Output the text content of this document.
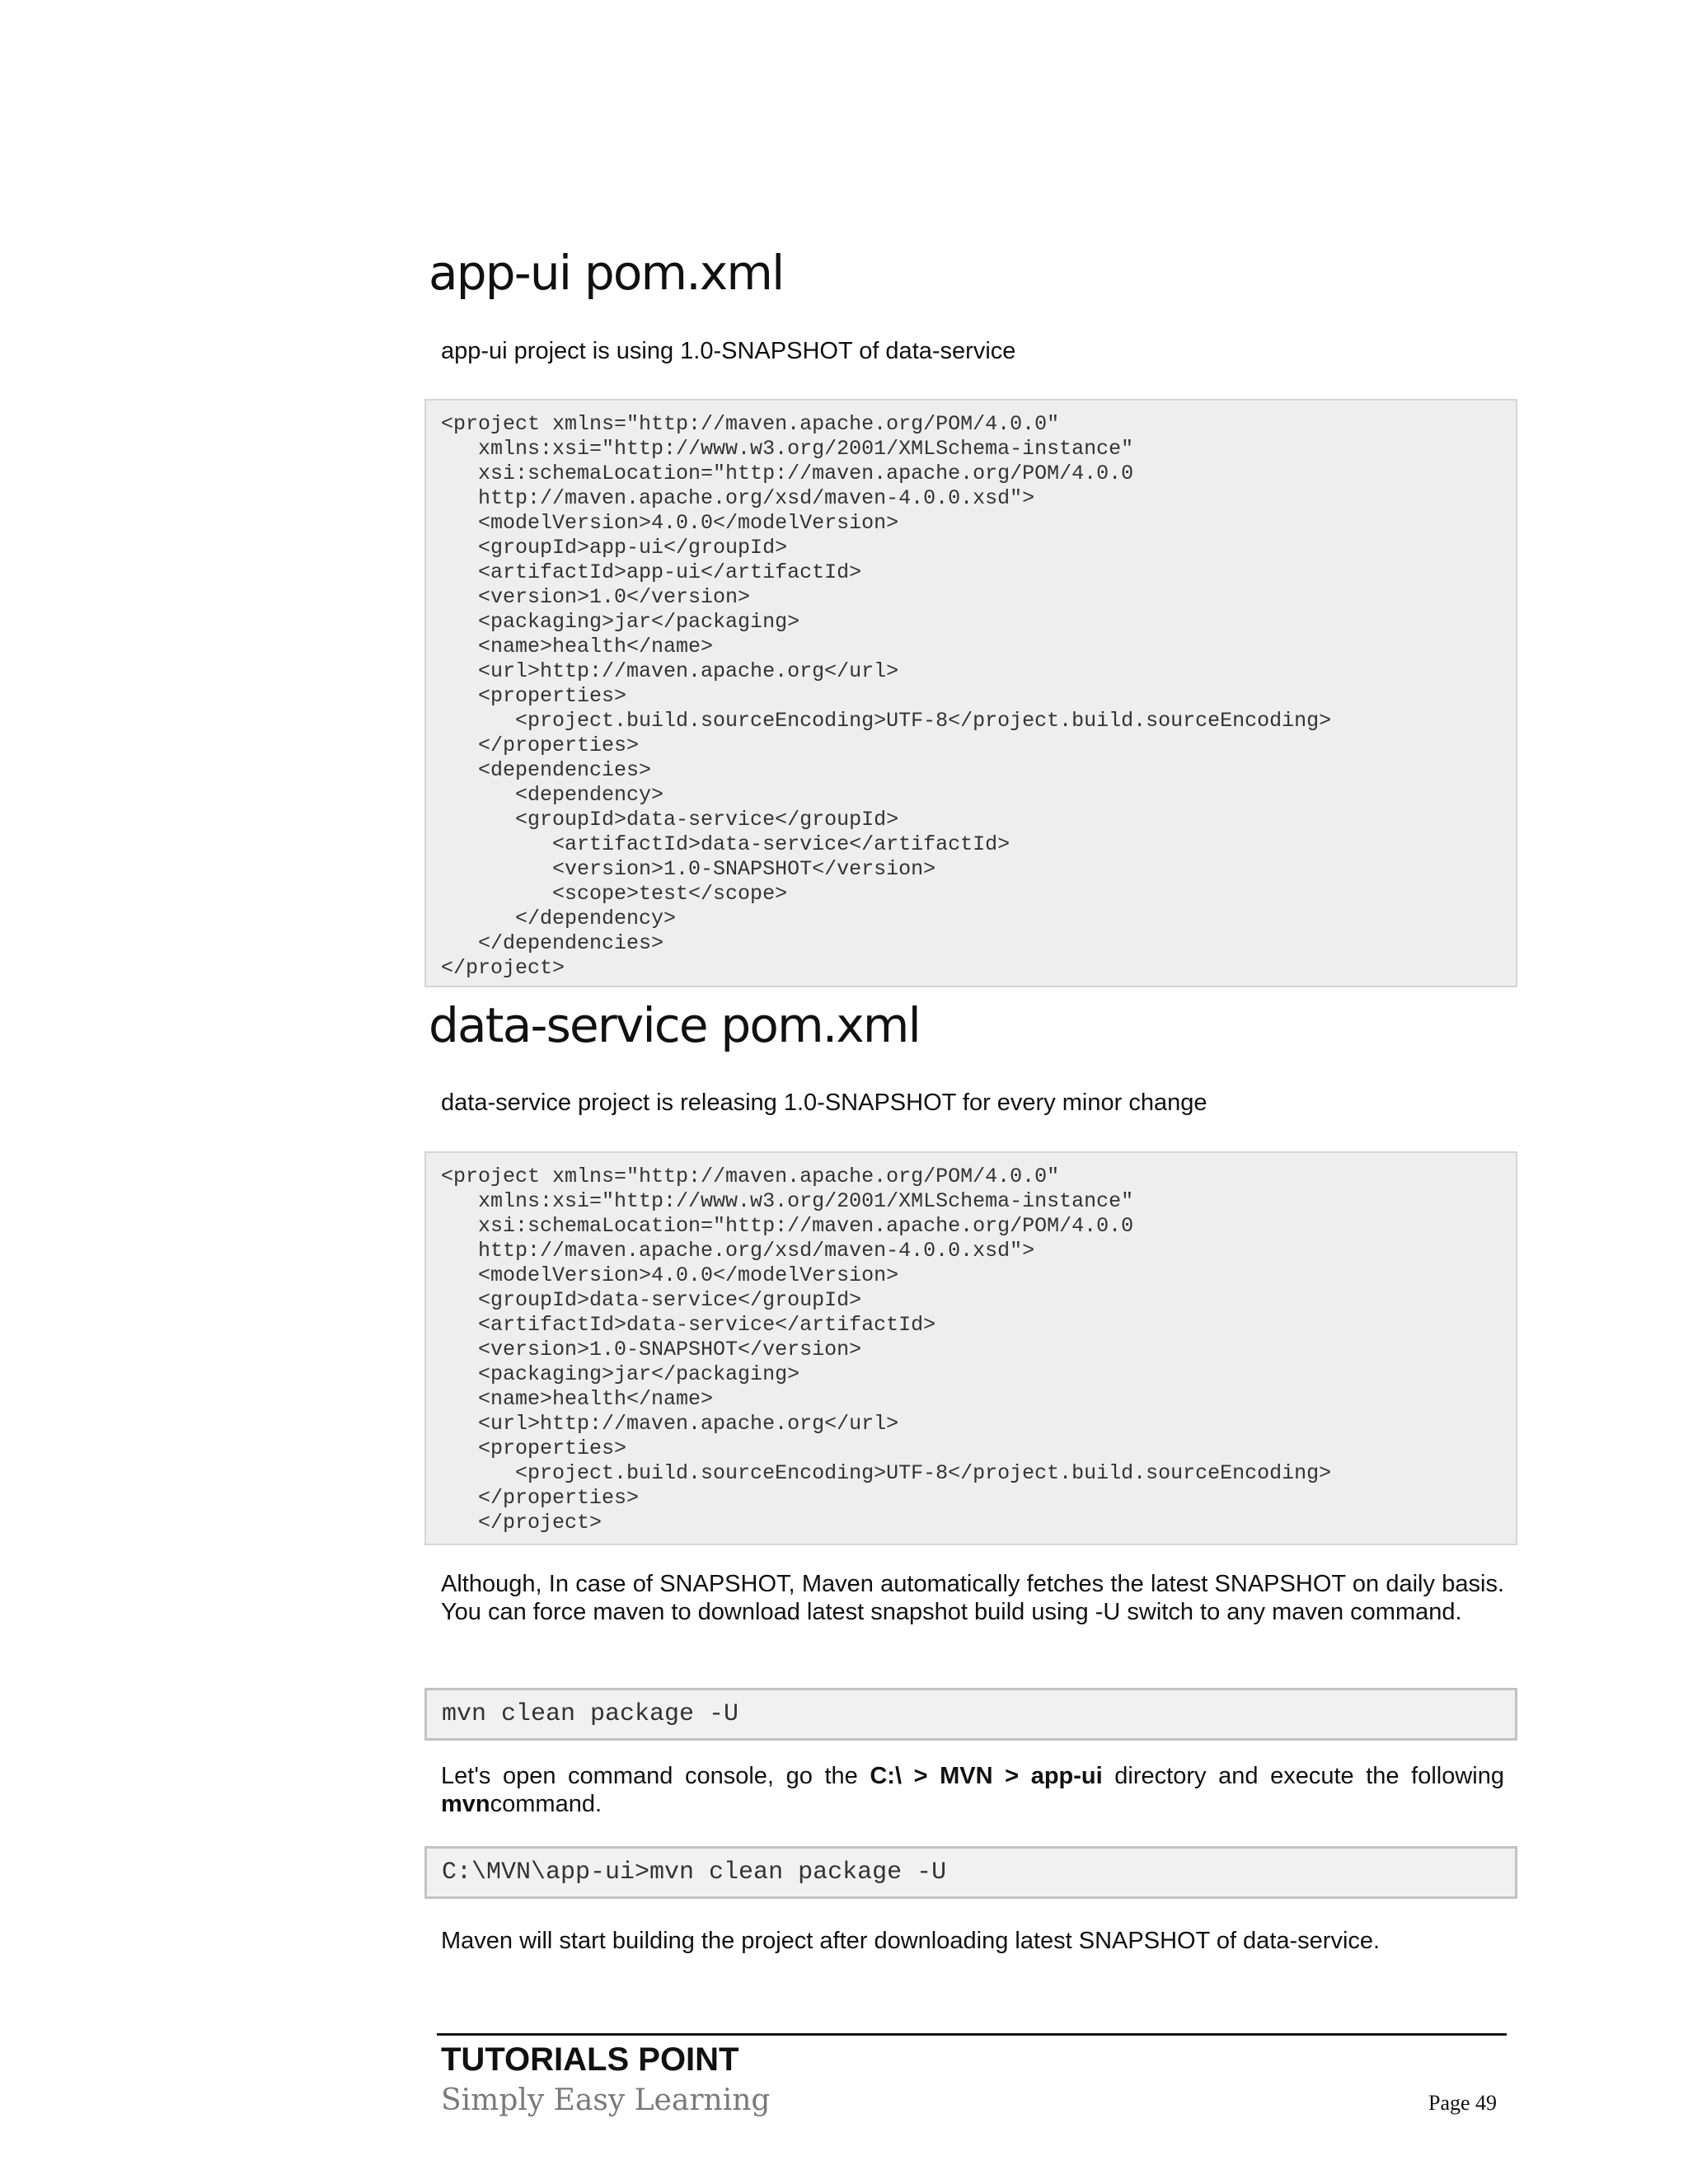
app-ui pom.xml

app-ui project is using 1.0-SNAPSHOT of data-service

<project xmlns="http://maven.apache.org/POM/4.0.0"
xmlns:xsi="http://www.w3.org/2001/XMLSchema-instance"
xsi:schemaLocation="http://maven.apache.org/POM/4.0.0
http://maven.apache.org/xsd/maven-4.0.0.xsd">
<modelVersion>4.0.0</modelVersion>
<groupId>app-ui</groupId>
<artifactId>app-ui</artifactId>
<version>1.0</version>
<packaging>jar</packaging>
<name>health</name>
<url>http://maven.apache.org</url>
<properties>
<project.build.sourceEncoding>UTF-8</project.build.sourceEncoding>
</properties>
<dependencies>
<dependency>
<groupId>data-service</groupId>
<artifactId>data-service</artifactId>
<version>1.0-SNAPSHOT</version>
<scope>test</scope>
</dependency>
</dependencies>
</project>
data-service pom.xml

data-service project is releasing 1.0-SNAPSHOT for every minor change

<project xmlns="http://maven.apache.org/POM/4.0.0"
xmlns:xsi="http://www.w3.org/2001/XMLSchema-instance"
xsi:schemaLocation="http://maven.apache.org/POM/4.0.0
http://maven.apache.org/xsd/maven-4.0.0.xsd">
<modelVersion>4.0.0</modelVersion>
<groupId>data-service</groupId>
<artifactId>data-service</artifactId>
<version>1.0-SNAPSHOT</version>
<packaging>jar</packaging>
<name>health</name>
<url>http://maven.apache.org</url>
<properties>
<project.build.sourceEncoding>UTF-8</project.build.sourceEncoding>
</properties>
</project>

Although, In case of SNAPSHOT, Maven automatically fetches the latest SNAPSHOT on daily basis. You can force maven to download latest snapshot build using -U switch to any maven command.

mvn clean package -U

Let's open command console, go the C:\ > MVN > app-ui directory and execute the following mvncommand.

C:\MVN\app-ui>mvn clean package -U

Maven will start building the project after downloading latest SNAPSHOT of data-service.

TUTORIALS POINT
Simply Easy Learning	Page 49
